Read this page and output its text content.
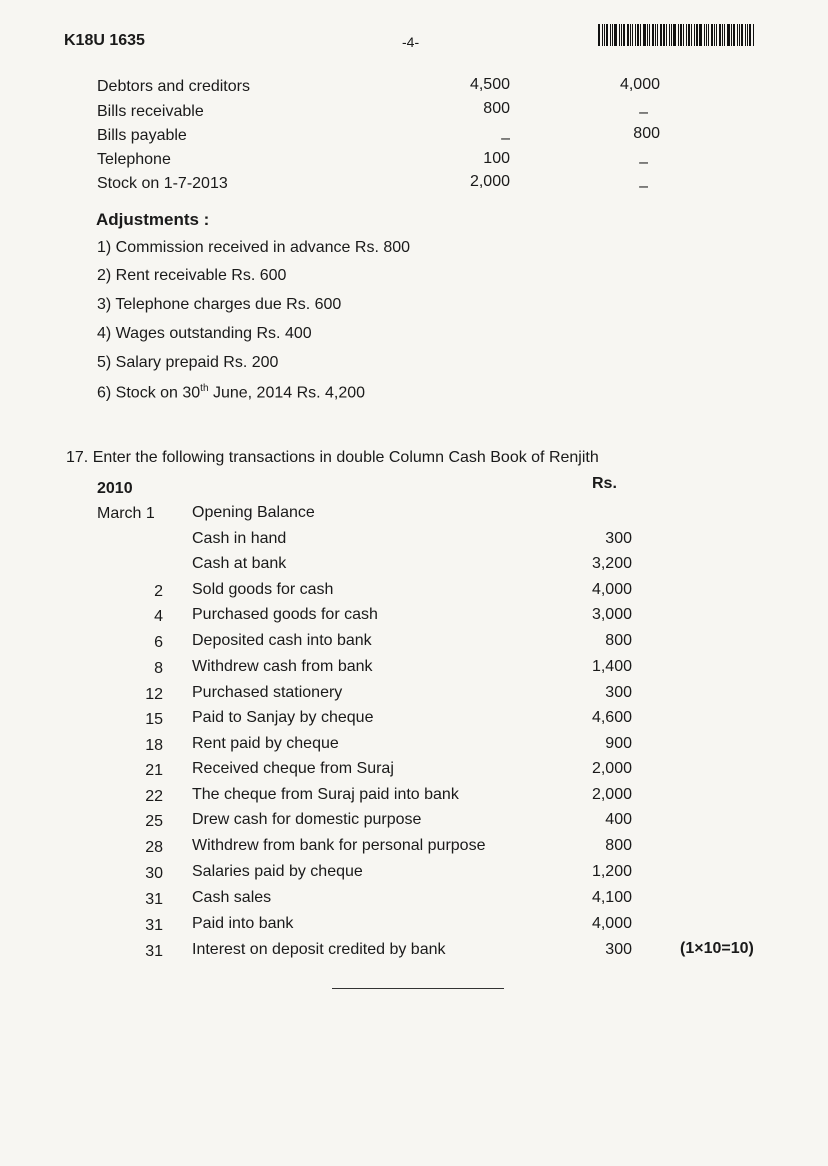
K18U 1635	-4-
Debtors and creditors	4,500	4,000
Bills receivable	800	–
Bills payable	–	800
Telephone	100	–
Stock on 1-7-2013	2,000	–
Adjustments :
1) Commission received in advance Rs. 800
2) Rent receivable Rs. 600
3) Telephone charges due Rs. 600
4) Wages outstanding Rs. 400
5) Salary prepaid Rs. 200
6) Stock on 30th June, 2014 Rs. 4,200
17. Enter the following transactions in double Column Cash Book of Renjith
2010	Rs.
March 1 Opening Balance
Cash in hand	300
Cash at bank	3,200
2 Sold goods for cash	4,000
4 Purchased goods for cash	3,000
6 Deposited cash into bank	800
8 Withdrew cash from bank	1,400
12 Purchased stationery	300
15 Paid to Sanjay by cheque	4,600
18 Rent paid by cheque	900
21 Received cheque from Suraj	2,000
22 The cheque from Suraj paid into bank	2,000
25 Drew cash for domestic purpose	400
28 Withdrew from bank for personal purpose	800
30 Salaries paid by cheque	1,200
31 Cash sales	4,100
31 Paid into bank	4,000
31 Interest on deposit credited by bank	300	(1×10=10)
